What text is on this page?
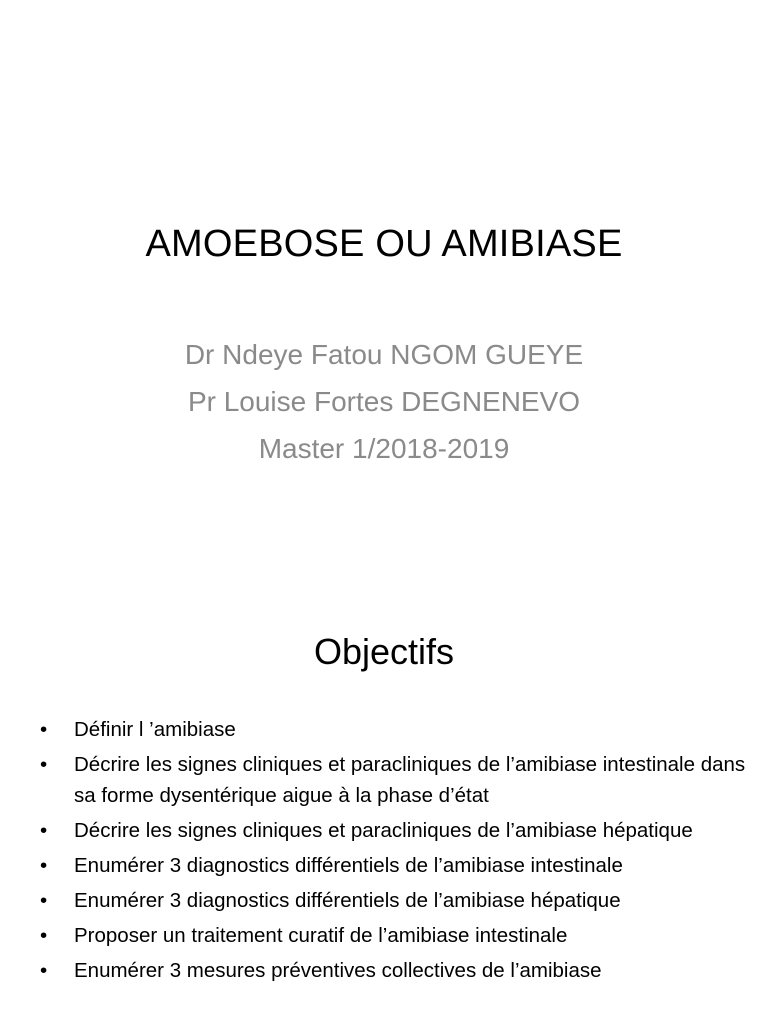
AMOEBOSE OU AMIBIASE
Dr Ndeye Fatou NGOM GUEYE
Pr Louise Fortes DEGNENEVO
Master 1/2018-2019
Objectifs
•	Définir l ’amibiase
•	Décrire les signes cliniques et paracliniques de l’amibiase intestinale dans sa forme dysentérique aigue à la phase d’état
•	Décrire les signes cliniques et paracliniques de l’amibiase hépatique
•	Enumérer 3 diagnostics différentiels de l’amibiase intestinale
•	Enumérer 3 diagnostics différentiels de l’amibiase hépatique
•	Proposer un traitement curatif de l’amibiase intestinale
•	Enumérer 3 mesures préventives collectives de l’amibiase
